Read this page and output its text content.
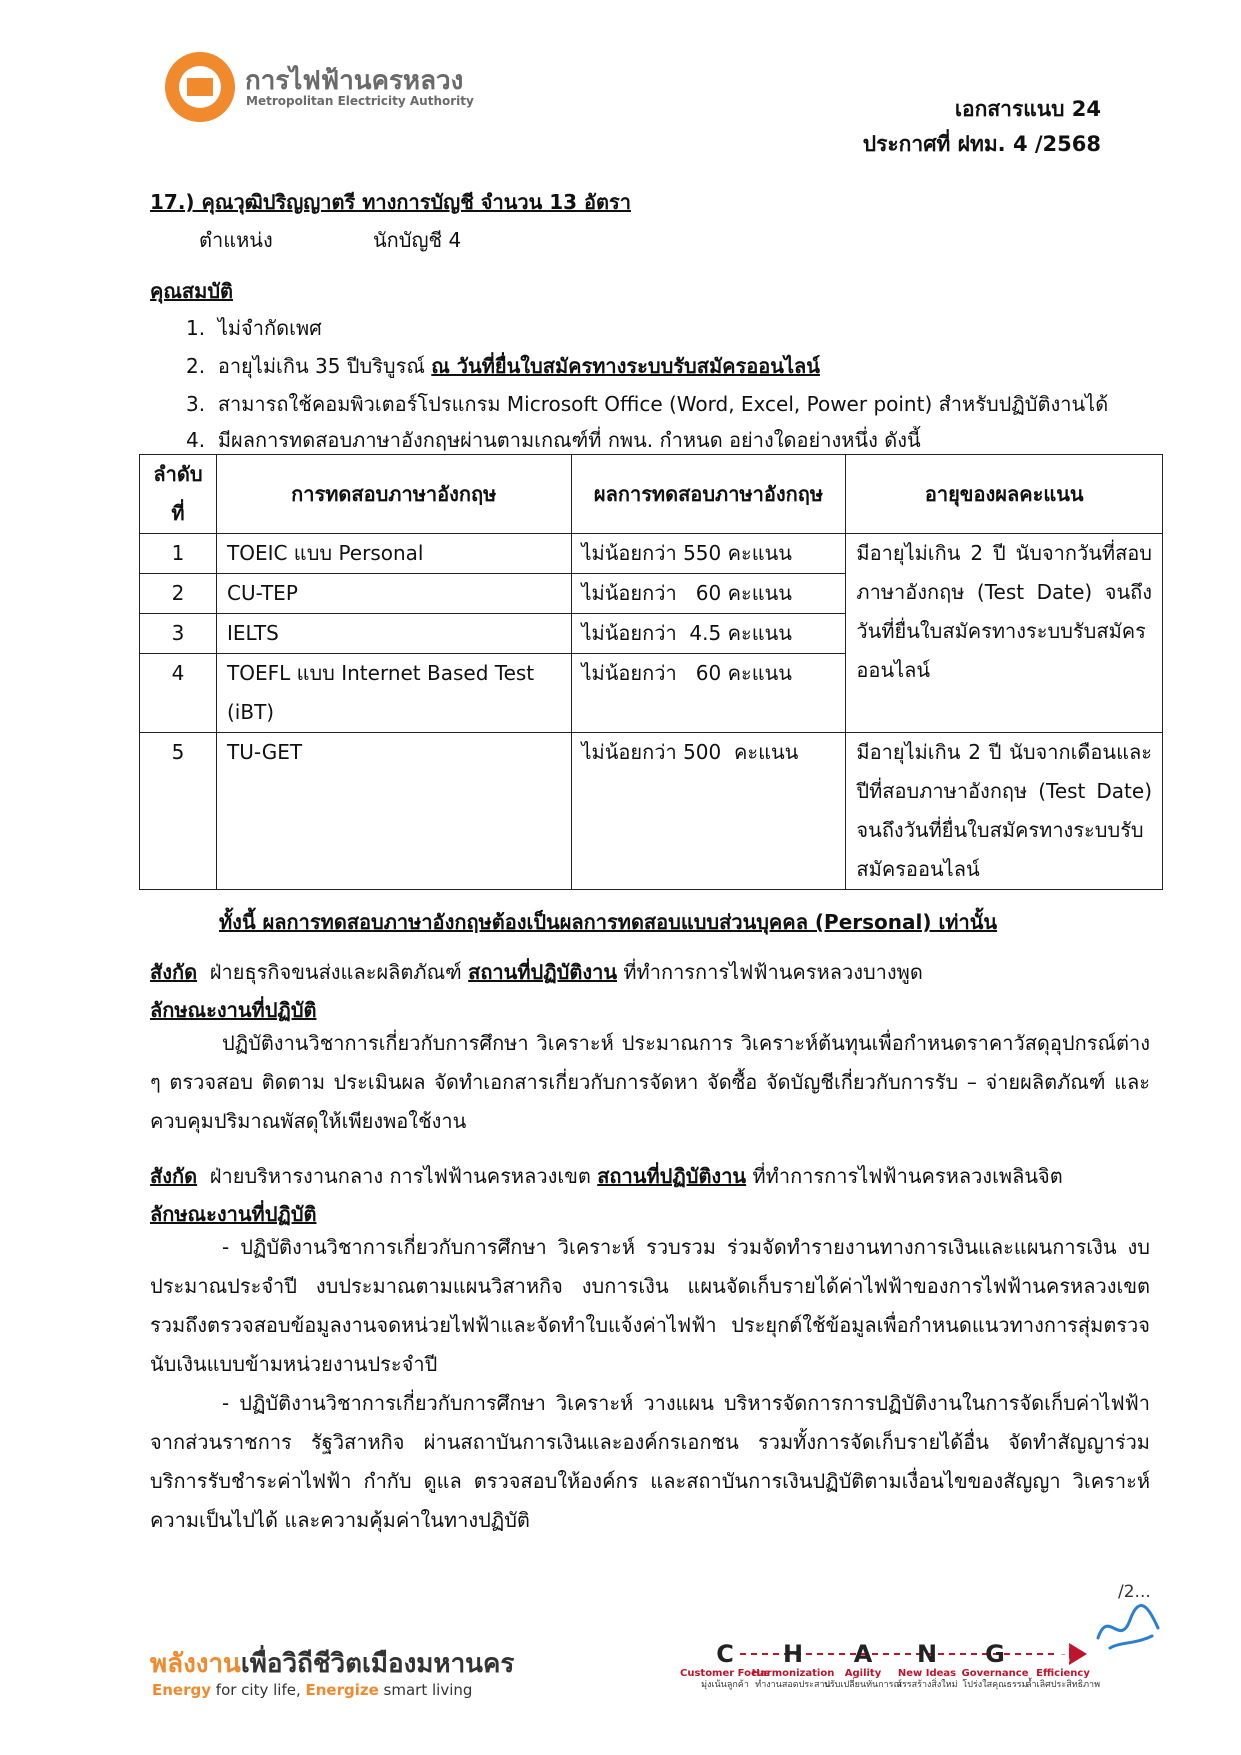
การไฟฟ้านครหลวง
Metropolitan Electricity Authority	เอกสารแนบ 24
ประกาศที่ ฝทม. 4 /2568

17.) คุณวุฒิปริญญาตรี ทางการบัญชี จำนวน 13 อัตรา

ตำแหน่ง	นักบัญชี 4

คุณสมบัติ

1. ไม่จำกัดเพศ

2. อายุไม่เกิน 35 ปีบริบูรณ์ ณ วันที่ยื่นใบสมัครทางระบบรับสมัครออนไลน์

3. สามารถใช้คอมพิวเตอร์โปรแกรม Microsoft Office (Word, Excel, Power point) สำหรับปฏิบัติงานได้

4. มีผลการทดสอบภาษาอังกฤษผ่านตามเกณฑ์ที่ กพน. กำหนด อย่างใดอย่างหนึ่ง ดังนี้

ลำดับที่	การทดสอบภาษาอังกฤษ	ผลการทดสอบภาษาอังกฤษ	อายุของผลคะแนน
1	TOEIC แบบ Personal	ไม่น้อยกว่า 550 คะแนน	มีอายุไม่เกิน 2 ปี นับจากวันที่สอบภาษาอังกฤษ (Test Date) จนถึงวันที่ยื่นใบสมัครทางระบบรับสมัครออนไลน์
2	CU-TEP	ไม่น้อยกว่า   60 คะแนน	
3	IELTS	ไม่น้อยกว่า  4.5 คะแนน	
4	TOEFL แบบ Internet Based Test (iBT)	ไม่น้อยกว่า   60 คะแนน	
5	TU-GET	ไม่น้อยกว่า 500  คะแนน	มีอายุไม่เกิน 2 ปี นับจากเดือนและปีที่สอบภาษาอังกฤษ (Test Date) จนถึงวันที่ยื่นใบสมัครทางระบบรับสมัครออนไลน์

ทั้งนี้ ผลการทดสอบภาษาอังกฤษต้องเป็นผลการทดสอบแบบส่วนบุคคล (Personal) เท่านั้น

สังกัด ฝ่ายธุรกิจขนส่งและผลิตภัณฑ์ สถานที่ปฏิบัติงาน ที่ทำการการไฟฟ้านครหลวงบางพูด

ลักษณะงานที่ปฏิบัติ

ปฏิบัติงานวิชาการเกี่ยวกับการศึกษา วิเคราะห์ ประมาณการ วิเคราะห์ต้นทุนเพื่อกำหนดราคาวัสดุอุปกรณ์ต่าง ๆ ตรวจสอบ ติดตาม ประเมินผล จัดทำเอกสารเกี่ยวกับการจัดหา จัดซื้อ จัดบัญชีเกี่ยวกับการรับ – จ่ายผลิตภัณฑ์ และควบคุมปริมาณพัสดุให้เพียงพอใช้งาน

สังกัด ฝ่ายบริหารงานกลาง การไฟฟ้านครหลวงเขต สถานที่ปฏิบัติงาน ที่ทำการการไฟฟ้านครหลวงเพลินจิต

ลักษณะงานที่ปฏิบัติ

- ปฏิบัติงานวิชาการเกี่ยวกับการศึกษา วิเคราะห์ รวบรวม ร่วมจัดทำรายงานทางการเงินและแผนการเงิน งบประมาณประจำปี งบประมาณตามแผนวิสาหกิจ งบการเงิน แผนจัดเก็บรายได้ค่าไฟฟ้าของการไฟฟ้านครหลวงเขต รวมถึงตรวจสอบข้อมูลงานจดหน่วยไฟฟ้าและจัดทำใบแจ้งค่าไฟฟ้า ประยุกต์ใช้ข้อมูลเพื่อกำหนดแนวทางการสุ่มตรวจนับเงินแบบข้ามหน่วยงานประจำปี

- ปฏิบัติงานวิชาการเกี่ยวกับการศึกษา วิเคราะห์ วางแผน บริหารจัดการการปฏิบัติงานในการจัดเก็บค่าไฟฟ้าจากส่วนราชการ รัฐวิสาหกิจ ผ่านสถาบันการเงินและองค์กรเอกชน รวมทั้งการจัดเก็บรายได้อื่น จัดทำสัญญาร่วมบริการรับชำระค่าไฟฟ้า กำกับ ดูแล ตรวจสอบให้องค์กร และสถาบันการเงินปฏิบัติตามเงื่อนไขของสัญญา วิเคราะห์ความเป็นไปได้ และความคุ้มค่าในทางปฏิบัติ

/2...
พลังงานเพื่อวิถีชีวิตเมืองมหานคร
Energy for city life, Energize smart living
C
Customer Focus
มุ่งเน้นลูกค้า
H
Harmonization
ทำงานสอดประสาน
A
Agility
ปรับเปลี่ยนทันการณ์
N
New Ideas
สรรสร้างสิ่งใหม่
G
Governance
โปร่งใสคุณธรรม
E
Efficiency
ล้ำเลิศประสิทธิภาพ
